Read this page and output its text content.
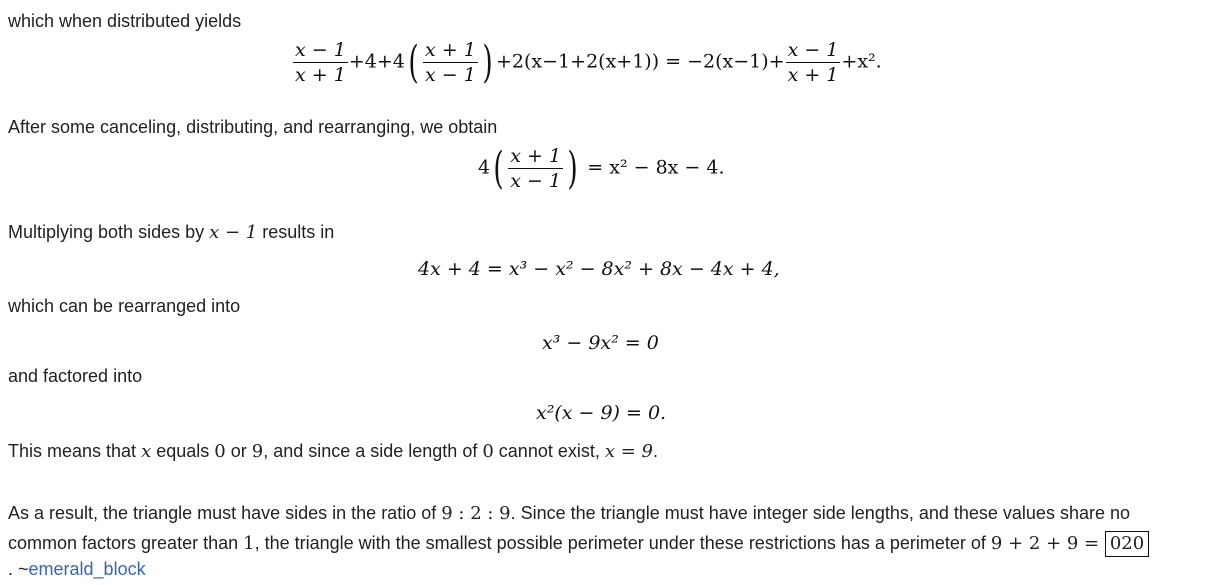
which when distributed yields
$\frac{x - 1}{x + 1} +4+4( \frac{x + 1}{x - 1}$ ) $+2(x-1+2(x+1)) = -2(x-1)+ \frac{x - 1}{x + 1} +x^2$.
After some canceling, distributing, and rearranging, we obtain
$4( \frac{x + 1}{x - 1}$ ) = x² − 8x − 4.
Multiplying both sides by x − 1 results in
4x + 4 = x³ − x² − 8x² + 8x − 4x + 4,
which can be rearranged into
x³ − 9x² = 0
and factored into
x²(x − 9) = 0.
This means that x equals 0 or 9, and since a side length of 0 cannot exist, x = 9.
As a result, the triangle must have sides in the ratio of 9 : 2 : 9. Since the triangle must have integer side lengths, and these values share no
common factors greater than 1, the triangle with the smallest possible perimeter under these restrictions has a perimeter of 9 + 2 + 9 = 020
. ~emerald_block
